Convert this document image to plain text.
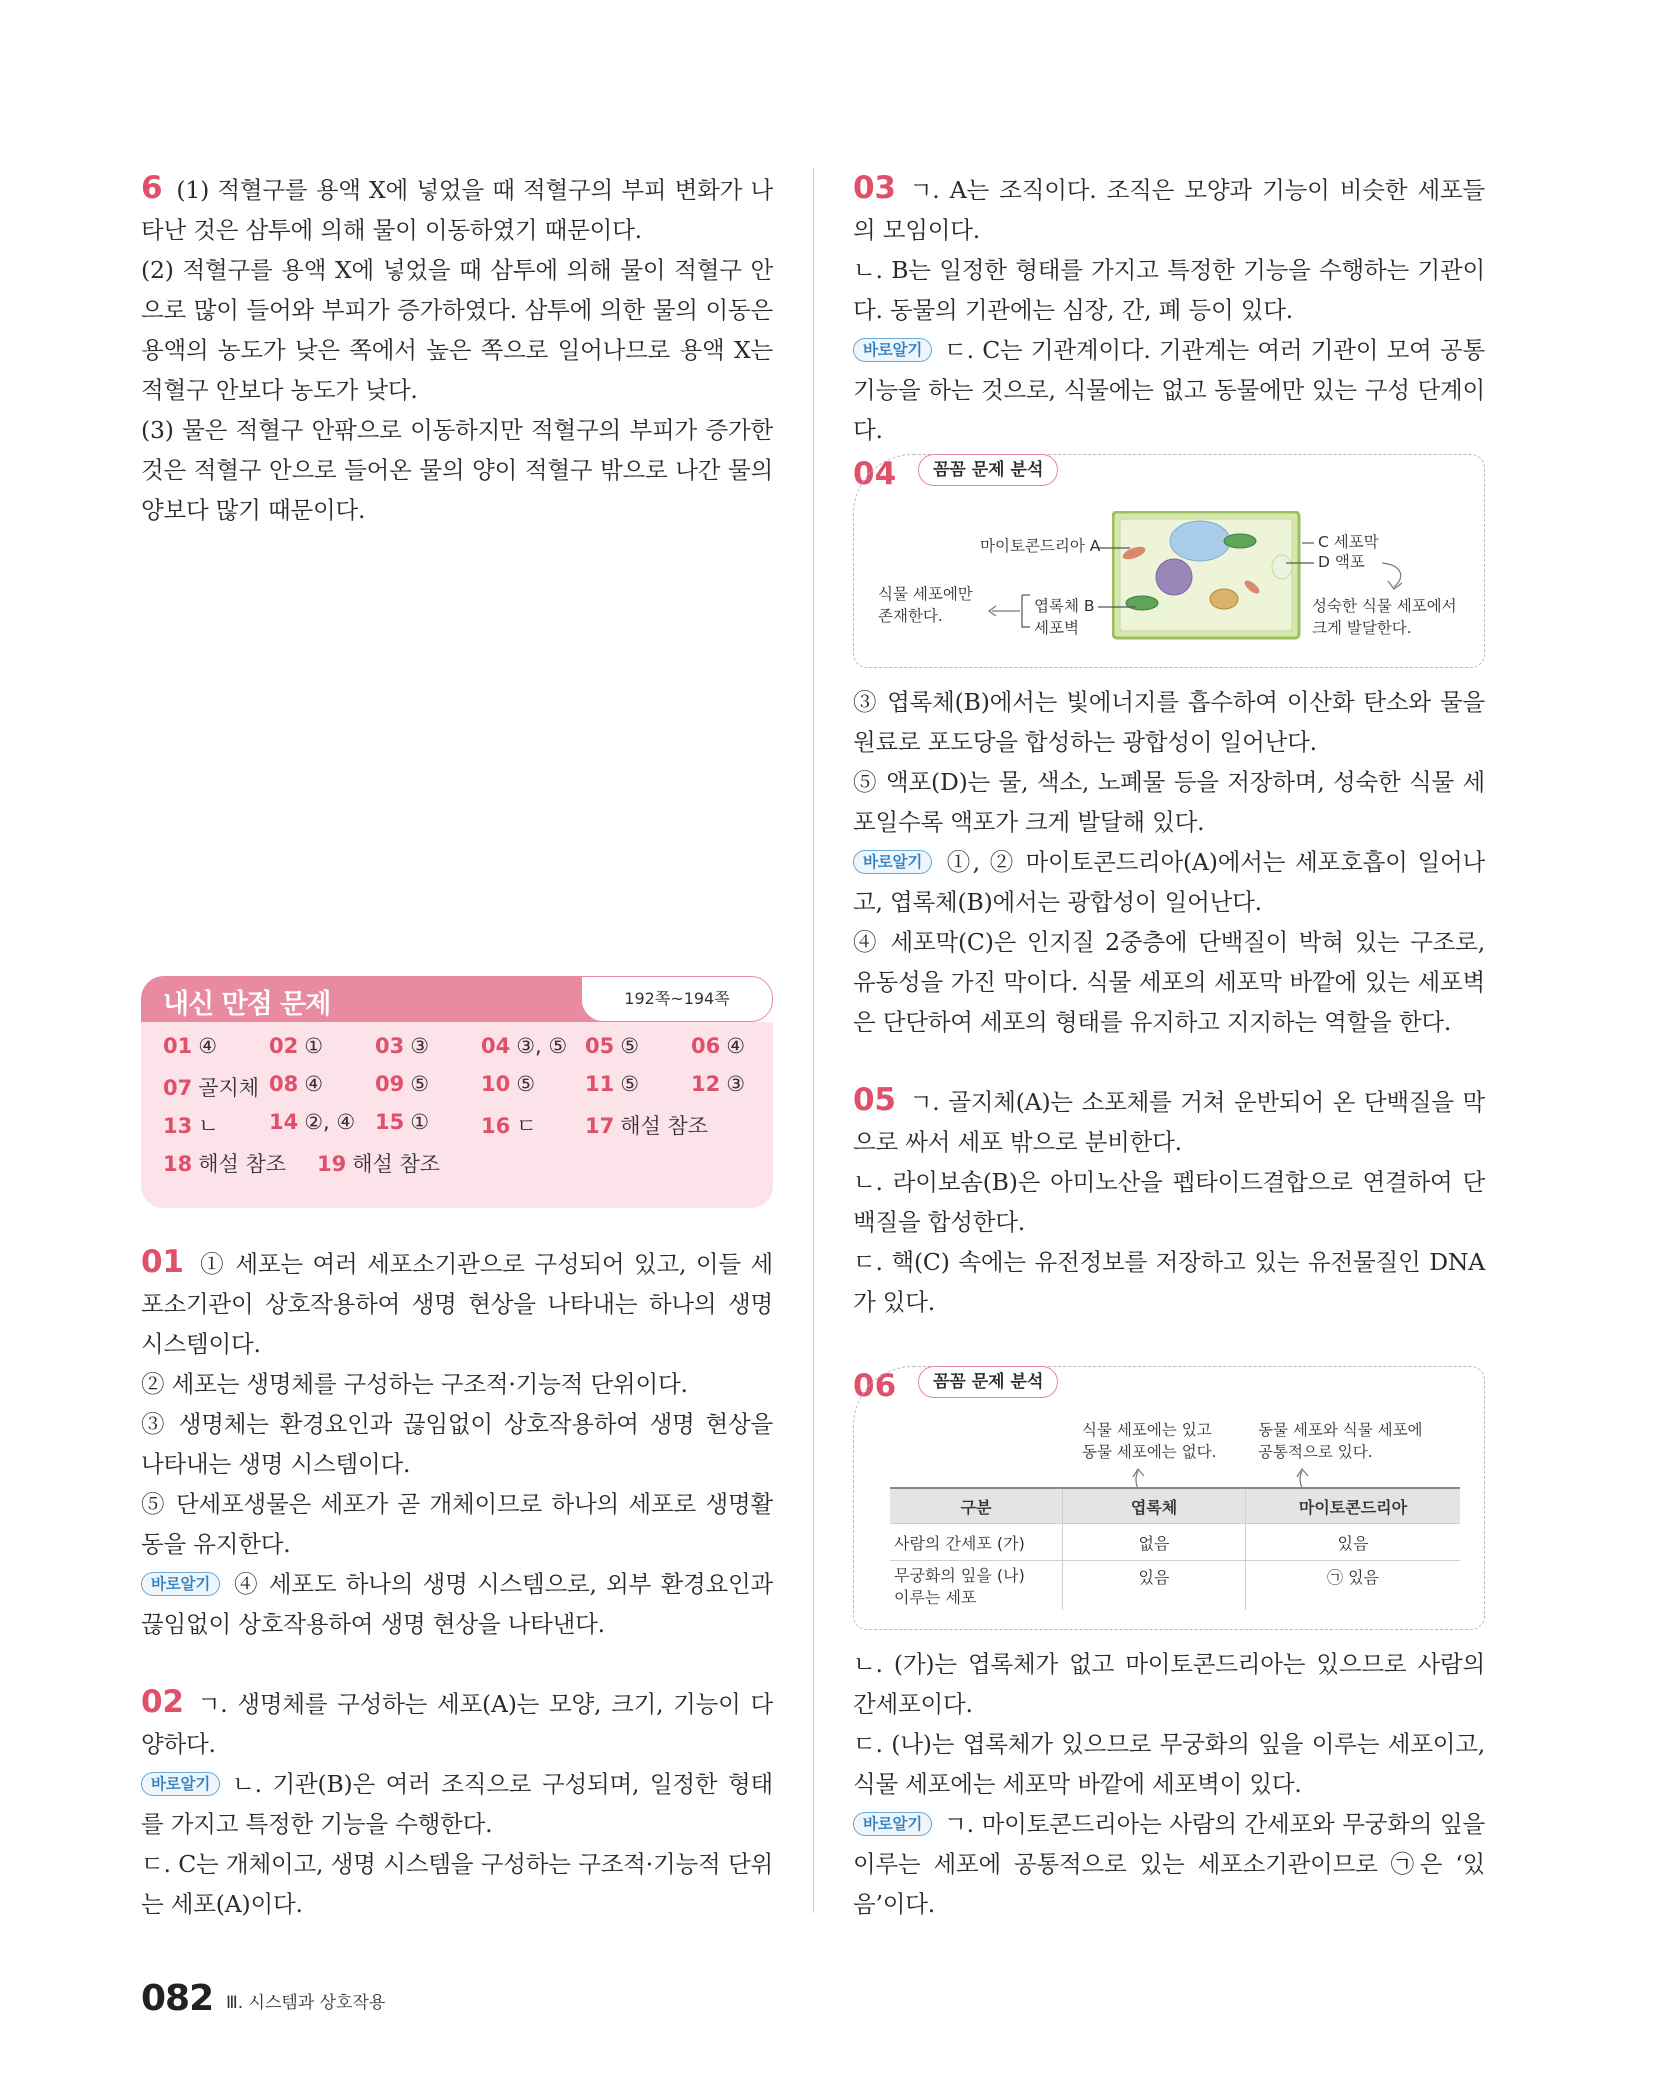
6 (1) 적혈구를 용액 X에 넣었을 때 적혈구의 부피 변화가 나타난 것은 삼투에 의해 물이 이동하였기 때문이다.

(2) 적혈구를 용액 X에 넣었을 때 삼투에 의해 물이 적혈구 안으로 많이 들어와 부피가 증가하였다. 삼투에 의한 물의 이동은 용액의 농도가 낮은 쪽에서 높은 쪽으로 일어나므로 용액 X는 적혈구 안보다 농도가 낮다.

(3) 물은 적혈구 안팎으로 이동하지만 적혈구의 부피가 증가한 것은 적혈구 안으로 들어온 물의 양이 적혈구 밖으로 나간 물의 양보다 많기 때문이다.

내신 만점 문제	192쪽~194쪽
01 ④ 02 ① 03 ③ 04 ③, ⑤ 05 ⑤ 06 ④
07 골지체 08 ④ 09 ⑤ 10 ⑤ 11 ⑤ 12 ③
13 ㄴ 14 ②, ④ 15 ① 16 ㄷ 17 해설 참조
18 해설 참조 19 해설 참조

01 ① 세포는 여러 세포소기관으로 구성되어 있고, 이들 세포소기관이 상호작용하여 생명 현상을 나타내는 하나의 생명 시스템이다.

② 세포는 생명체를 구성하는 구조적·기능적 단위이다.

③ 생명체는 환경요인과 끊임없이 상호작용하여 생명 현상을 나타내는 생명 시스템이다.

⑤ 단세포생물은 세포가 곧 개체이므로 하나의 세포로 생명활동을 유지한다.

바로알기 ④ 세포도 하나의 생명 시스템으로, 외부 환경요인과 끊임없이 상호작용하여 생명 현상을 나타낸다.

02 ㄱ. 생명체를 구성하는 세포(A)는 모양, 크기, 기능이 다양하다.

바로알기 ㄴ. 기관(B)은 여러 조직으로 구성되며, 일정한 형태를 가지고 특정한 기능을 수행한다.

ㄷ. C는 개체이고, 생명 시스템을 구성하는 구조적·기능적 단위는 세포(A)이다.

03 ㄱ. A는 조직이다. 조직은 모양과 기능이 비슷한 세포들의 모임이다.

ㄴ. B는 일정한 형태를 가지고 특정한 기능을 수행하는 기관이다. 동물의 기관에는 심장, 간, 폐 등이 있다.

바로알기 ㄷ. C는 기관계이다. 기관계는 여러 기관이 모여 공통 기능을 하는 것으로, 식물에는 없고 동물에만 있는 구성 단계이다.

04	꼼꼼 문제 분석
마이토콘드리아 A
엽록체 B
세포벽
식물 세포에만
존재한다.
C 세포막
D 액포
성숙한 식물 세포에서
크게 발달한다.

③ 엽록체(B)에서는 빛에너지를 흡수하여 이산화 탄소와 물을 원료로 포도당을 합성하는 광합성이 일어난다.

⑤ 액포(D)는 물, 색소, 노폐물 등을 저장하며, 성숙한 식물 세포일수록 액포가 크게 발달해 있다.

바로알기 ①, ② 마이토콘드리아(A)에서는 세포호흡이 일어나고, 엽록체(B)에서는 광합성이 일어난다.

④ 세포막(C)은 인지질 2중층에 단백질이 박혀 있는 구조로, 유동성을 가진 막이다. 식물 세포의 세포막 바깥에 있는 세포벽은 단단하여 세포의 형태를 유지하고 지지하는 역할을 한다.

05 ㄱ. 골지체(A)는 소포체를 거쳐 운반되어 온 단백질을 막으로 싸서 세포 밖으로 분비한다.

ㄴ. 라이보솜(B)은 아미노산을 펩타이드결합으로 연결하여 단백질을 합성한다.

ㄷ. 핵(C) 속에는 유전정보를 저장하고 있는 유전물질인 DNA가 있다.

06	꼼꼼 문제 분석
식물 세포에는 있고
동물 세포에는 없다.
동물 세포와 식물 세포에
공통적으로 있다.
구분	엽록체	마이토콘드리아
사람의 간세포 (가)	없음	있음
무궁화의 잎을 (나)
이루는 세포	있음	㉠ 있음

ㄴ. (가)는 엽록체가 없고 마이토콘드리아는 있으므로 사람의 간세포이다.

ㄷ. (나)는 엽록체가 있으므로 무궁화의 잎을 이루는 세포이고, 식물 세포에는 세포막 바깥에 세포벽이 있다.

바로알기 ㄱ. 마이토콘드리아는 사람의 간세포와 무궁화의 잎을 이루는 세포에 공통적으로 있는 세포소기관이므로 ㉠은 ‘있음’이다.

082 Ⅲ. 시스템과 상호작용
